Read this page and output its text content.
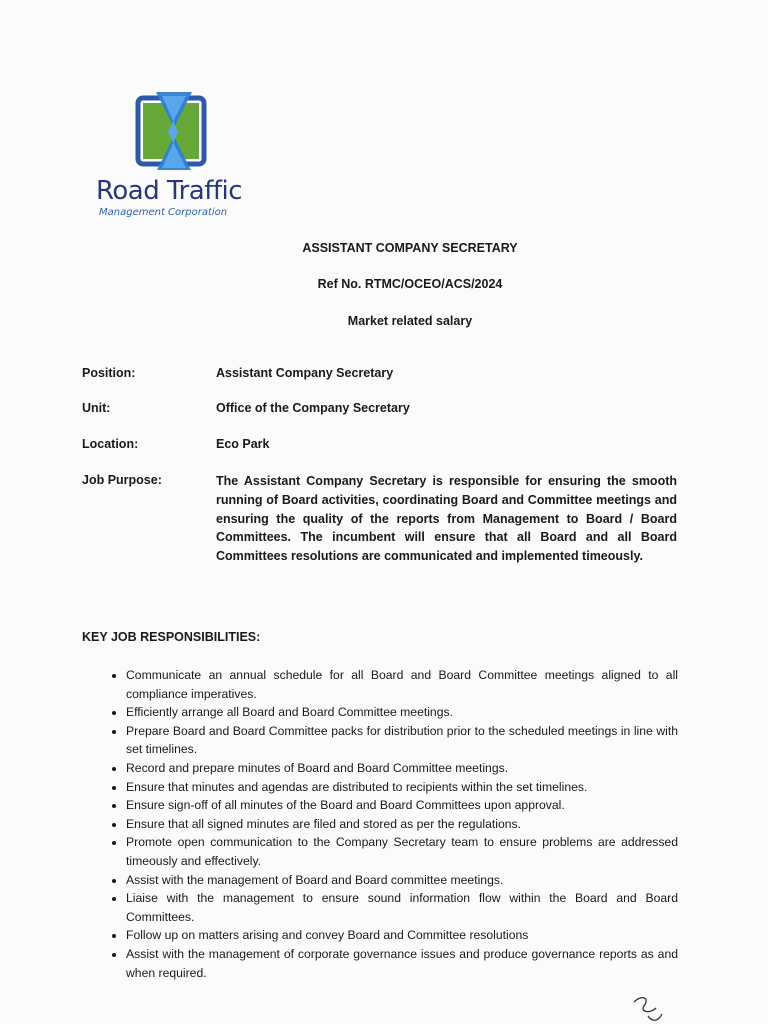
Road Traffic
Management Corporation
ASSISTANT COMPANY SECRETARY
Ref No. RTMC/OCEO/ACS/2024
Market related salary
Position:	Assistant Company Secretary
Unit:	Office of the Company Secretary
Location:	Eco Park
Job Purpose:	The Assistant Company Secretary is responsible for ensuring the smooth running of Board activities, coordinating Board and Committee meetings and ensuring the quality of the reports from Management to Board / Board Committees. The incumbent will ensure that all Board and all Board Committees resolutions are communicated and implemented timeously.
KEY JOB RESPONSIBILITIES:
• Communicate an annual schedule for all Board and Board Committee meetings aligned to all compliance imperatives.
• Efficiently arrange all Board and Board Committee meetings.
• Prepare Board and Board Committee packs for distribution prior to the scheduled meetings in line with set timelines.
• Record and prepare minutes of Board and Board Committee meetings.
• Ensure that minutes and agendas are distributed to recipients within the set timelines.
• Ensure sign-off of all minutes of the Board and Board Committees upon approval.
• Ensure that all signed minutes are filed and stored as per the regulations.
• Promote open communication to the Company Secretary team to ensure problems are addressed timeously and effectively.
• Assist with the management of Board and Board committee meetings.
• Liaise with the management to ensure sound information flow within the Board and Board Committees.
• Follow up on matters arising and convey Board and Committee resolutions
• Assist with the management of corporate governance issues and produce governance reports as and when required.
